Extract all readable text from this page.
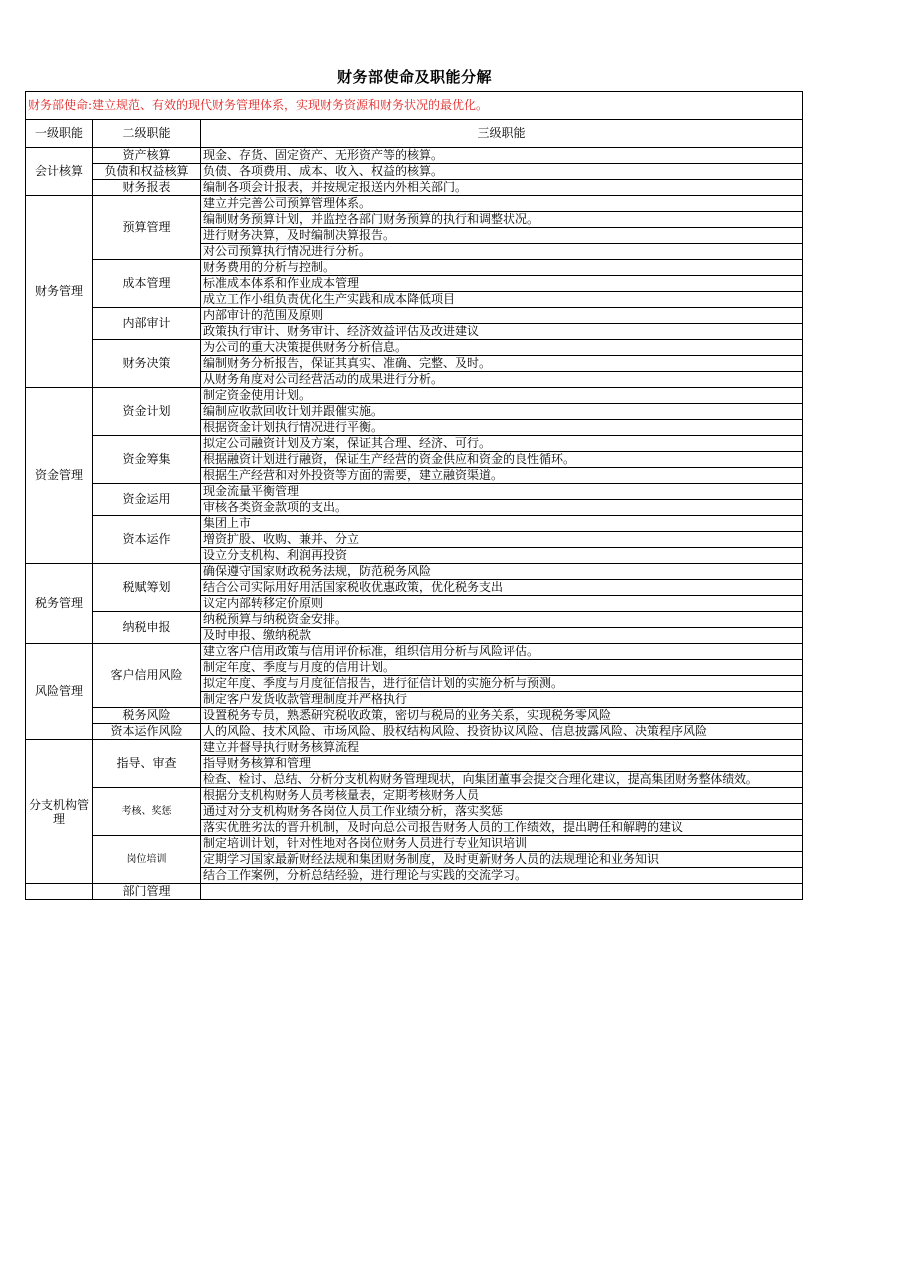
财务部使命及职能分解
财务部使命:建立规范、有效的现代财务管理体系，实现财务资源和财务状况的最优化。		
一级职能	二级职能	三级职能
会计核算	资产核算	现金、存货、固定资产、无形资产等的核算。
	负债和权益核算	负债、各项费用、成本、收入、权益的核算。
	财务报表	编制各项会计报表，并按规定报送内外相关部门。
财务管理	预算管理	建立并完善公司预算管理体系。
		编制财务预算计划，并监控各部门财务预算的执行和调整状况。
		进行财务决算，及时编制决算报告。
		对公司预算执行情况进行分析。
	成本管理	财务费用的分析与控制。
		标准成本体系和作业成本管理
		成立工作小组负责优化生产实践和成本降低项目
	内部审计	内部审计的范围及原则
		政策执行审计、财务审计、经济效益评估及改进建议
	财务决策	为公司的重大决策提供财务分析信息。
		编制财务分析报告，保证其真实、准确、完整、及时。
		从财务角度对公司经营活动的成果进行分析。
资金管理	资金计划	制定资金使用计划。
		编制应收款回收计划并跟催实施。
		根据资金计划执行情况进行平衡。
	资金筹集	拟定公司融资计划及方案，保证其合理、经济、可行。
		根据融资计划进行融资，保证生产经营的资金供应和资金的良性循环。
		根据生产经营和对外投资等方面的需要，建立融资渠道。
	资金运用	现金流量平衡管理
		审核各类资金款项的支出。
	资本运作	集团上市
		增资扩股、收购、兼并、分立
		设立分支机构、利润再投资
税务管理	税赋筹划	确保遵守国家财政税务法规，防范税务风险
		结合公司实际用好用活国家税收优惠政策，优化税务支出
		议定内部转移定价原则
	纳税申报	纳税预算与纳税资金安排。
		及时申报、缴纳税款
风险管理	客户信用风险	建立客户信用政策与信用评价标准，组织信用分析与风险评估。
		制定年度、季度与月度的信用计划。
		拟定年度、季度与月度征信报告，进行征信计划的实施分析与预测。
		制定客户发货收款管理制度并严格执行
	税务风险	设置税务专员，熟悉研究税收政策，密切与税局的业务关系，实现税务零风险
	资本运作风险	人的风险、技术风险、市场风险、股权结构风险、投资协议风险、信息披露风险、决策程序风险
分支机构管理	指导、审查	建立并督导执行财务核算流程
		指导财务核算和管理
		检查、检讨、总结、分析分支机构财务管理现状，向集团董事会提交合理化建议，提高集团财务整体绩效。
	考核、奖惩	根据分支机构财务人员考核量表，定期考核财务人员
		通过对分支机构财务各岗位人员工作业绩分析，落实奖惩
		落实优胜劣汰的晋升机制，及时向总公司报告财务人员的工作绩效，提出聘任和解聘的建议
	岗位培训	制定培训计划，针对性地对各岗位财务人员进行专业知识培训
		定期学习国家最新财经法规和集团财务制度，及时更新财务人员的法规理论和业务知识
		结合工作案例，分析总结经验，进行理论与实践的交流学习。
	部门管理	
